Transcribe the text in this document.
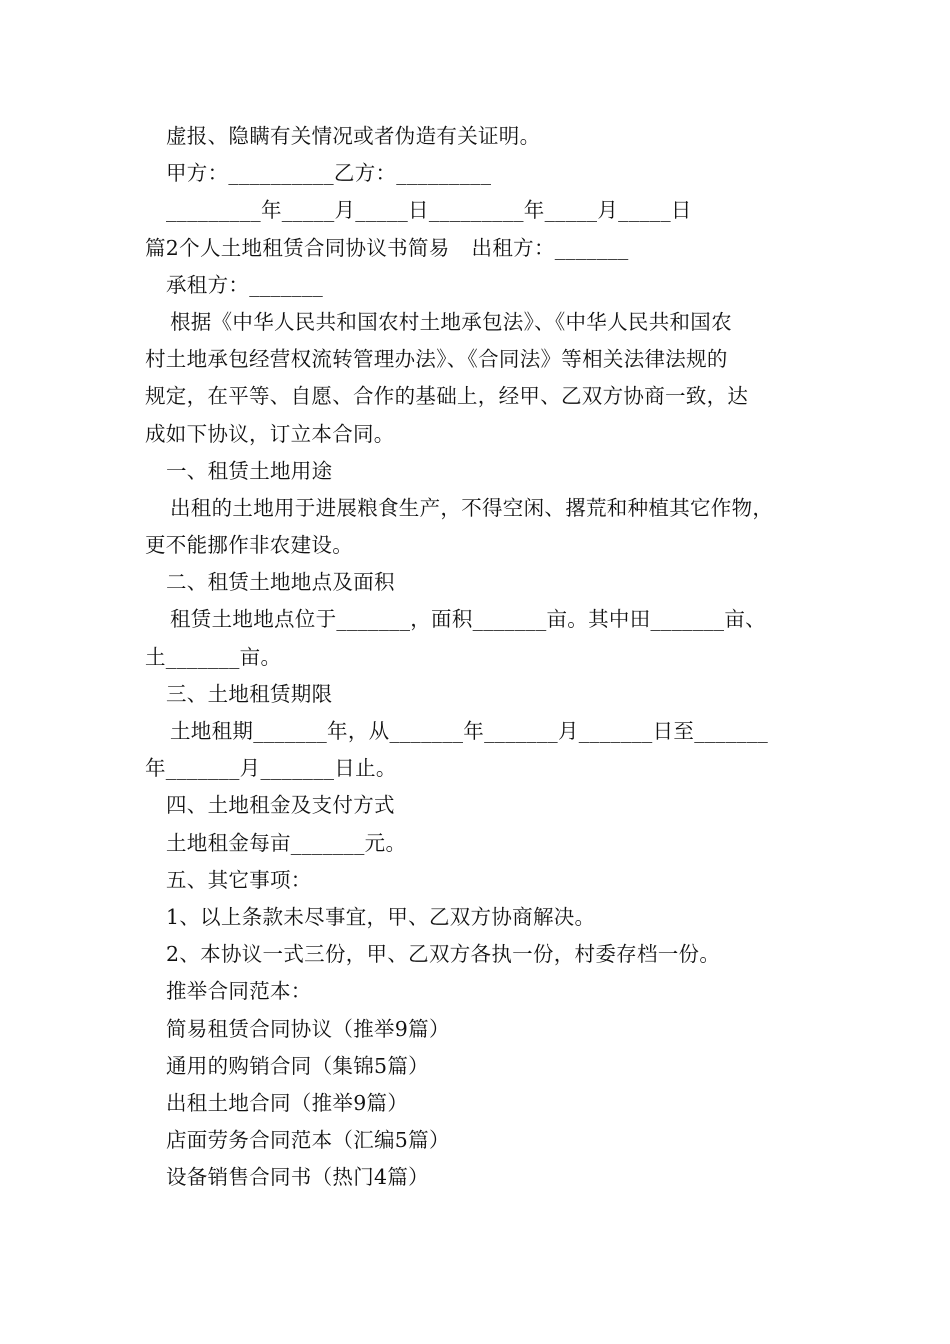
虚报、隐瞒有关情况或者伪造有关证明。
甲方：__________乙方：_________
_________年_____月_____日_________年_____月_____日
篇2个人土地租赁合同协议书简易 出租方：_______
承租方：_______
根据《中华人民共和国农村土地承包法》、《中华人民共和国农
村土地承包经营权流转管理办法》、《合同法》等相关法律法规的
规定，在平等、自愿、合作的基础上，经甲、乙双方协商一致，达
成如下协议，订立本合同。
一、租赁土地用途
出租的土地用于进展粮食生产，不得空闲、撂荒和种植其它作物，
更不能挪作非农建设。
二、租赁土地地点及面积
租赁土地地点位于_______，面积_______亩。其中田_______亩、
土_______亩。
三、土地租赁期限
土地租期_______年，从_______年_______月_______日至_______
年_______月_______日止。
四、土地租金及支付方式
土地租金每亩_______元。
五、其它事项：
1、以上条款未尽事宜，甲、乙双方协商解决。
2、本协议一式三份，甲、乙双方各执一份，村委存档一份。
推举合同范本：
简易租赁合同协议（推举9篇）
通用的购销合同（集锦5篇）
出租土地合同（推举9篇）
店面劳务合同范本（汇编5篇）
设备销售合同书（热门4篇）
